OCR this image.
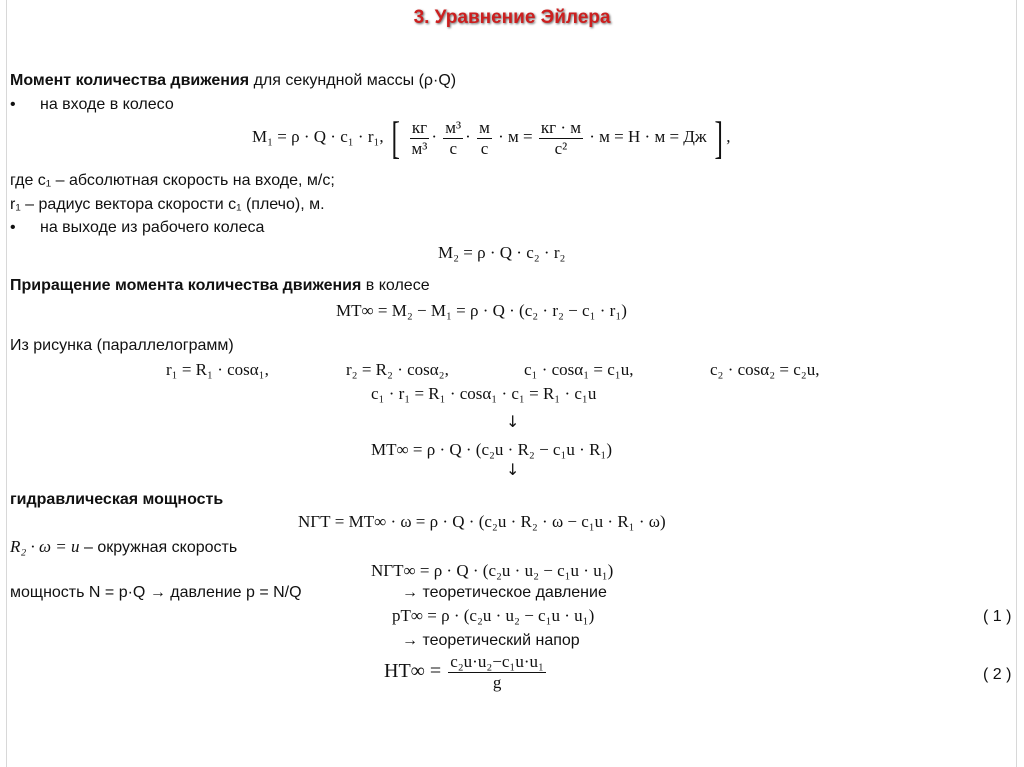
3. Уравнение Эйлера
Момент количества движения для секундной массы (ρ·Q)
• на входе в колесо
M₁ = ρ · Q · c₁ · r₁, [ $\frac{кг}{\text{м³}} \cdot \frac{\text{м³}}{с} \cdot \frac{м}{с} \cdot м = \frac{кг \cdot м}{\text{с²}} \cdot м = Н \cdot м$ = Дж ] ,
где c₁ – абсолютная скорость на входе, м/с;
r₁ – радиус вектора скорости c₁ (плечо), м.
• на выходе из рабочего колеса
M₂ = ρ · Q · c₂ · r₂
Приращение момента количества движения в колесе
MT∞ = M₂ − M₁ = ρ · Q · (c₂ · r₂ − c₁ · r₁)
Из рисунка (параллелограмм)
r₁ = R₁ · cosα₁,	r₂ = R₂ · cosα₂,	c₁ · cosα₁ = c₁u,	c₂ · cosα₂ = c₂u,
c₁ · r₁ = R₁ · cosα₁ · c₁ = R₁ · c₁u
↓
MT∞ = ρ · Q · (c₂u · R₂ − c₁u · R₁)
↓
гидравлическая мощность
NГТ = MT∞ · ω = ρ · Q · (c₂u · R₂ · ω − c₁u · R₁ · ω)
R₂ · ω = u – окружная скорость
NГТ∞ = ρ · Q · (c₂u · u₂ − c₁u · u₁)
мощность N = p·Q → давление p = N/Q	→ теоретическое давление
pT∞ = ρ · (c₂u · u₂ − c₁u · u₁)	( 1 )
→ теоретический напор
$HT\infty = \frac{\text{c₂u·u₂−c₁u·u₁}}{g}$	( 2 )
